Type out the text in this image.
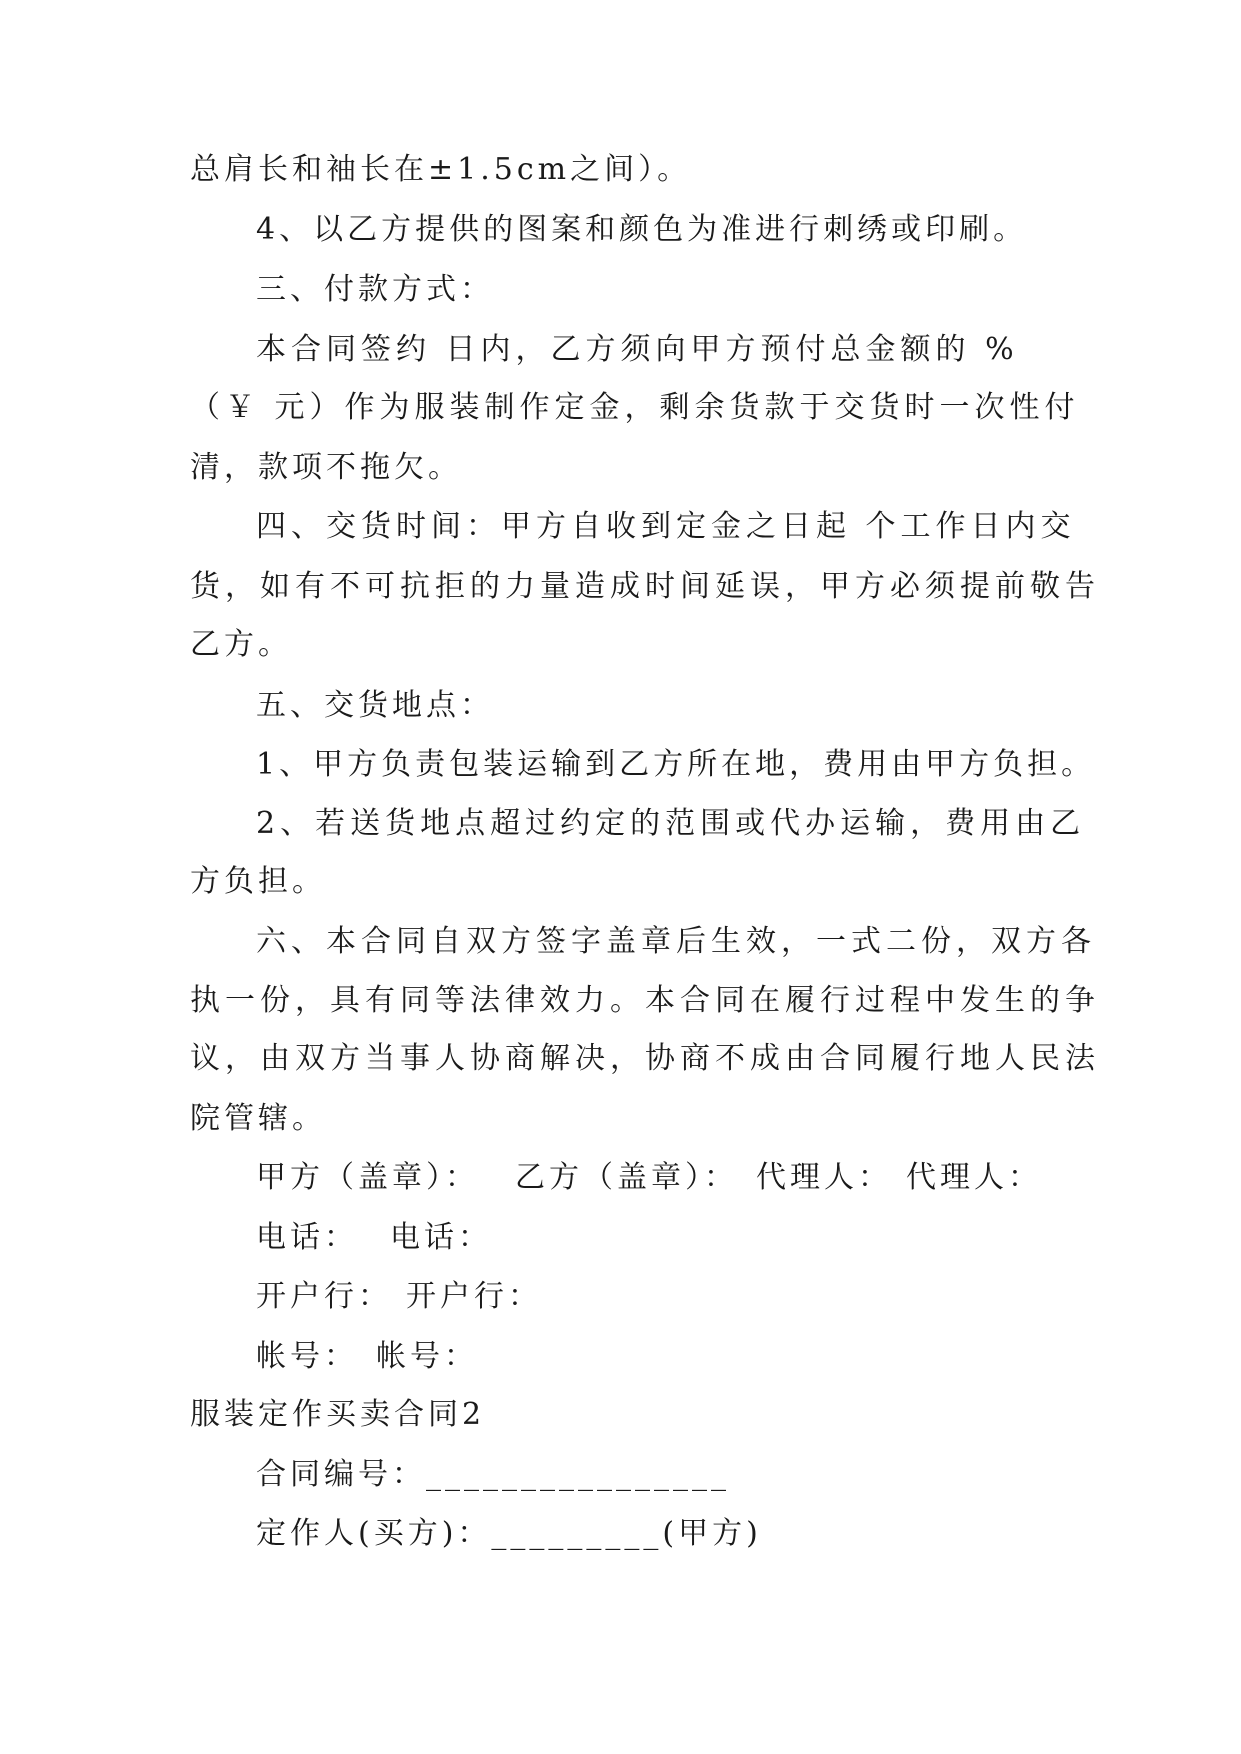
总肩长和袖长在±1.5cm之间）。
4、以乙方提供的图案和颜色为准进行刺绣或印刷。
三、付款方式：
本合同签约 日内，乙方须向甲方预付总金额的 %
（￥ 元）作为服装制作定金，剩余货款于交货时一次性付
清，款项不拖欠。
四、交货时间：甲方自收到定金之日起 个工作日内交
货，如有不可抗拒的力量造成时间延误，甲方必须提前敬告
乙方。
五、交货地点：
1、甲方负责包装运输到乙方所在地，费用由甲方负担。
2、若送货地点超过约定的范围或代办运输，费用由乙
方负担。
六、本合同自双方签字盖章后生效，一式二份，双方各
执一份，具有同等法律效力。本合同在履行过程中发生的争
议，由双方当事人协商解决，协商不成由合同履行地人民法
院管辖。
甲方（盖章）： 乙方（盖章）： 代理人： 代理人：
电话： 电话：
开户行： 开户行：
帐号： 帐号：
服装定作买卖合同2
合同编号：________________
定作人(买方)：_________(甲方)
